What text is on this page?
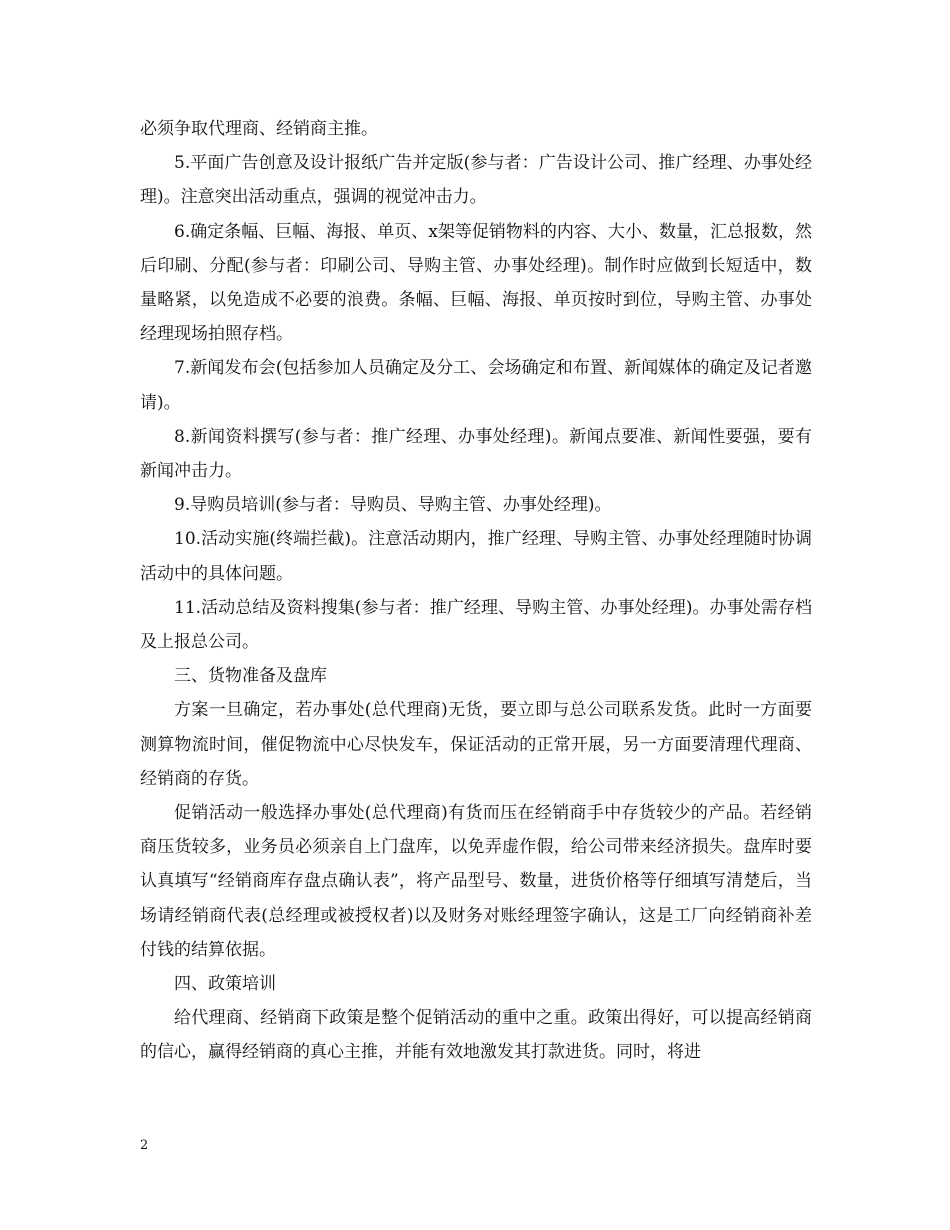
必须争取代理商、经销商主推。

5.平面广告创意及设计报纸广告并定版(参与者：广告设计公司、推广经理、办事处经理)。注意突出活动重点，强调的视觉冲击力。

6.确定条幅、巨幅、海报、单页、x架等促销物料的内容、大小、数量，汇总报数，然后印刷、分配(参与者：印刷公司、导购主管、办事处经理)。制作时应做到长短适中，数量略紧，以免造成不必要的浪费。条幅、巨幅、海报、单页按时到位，导购主管、办事处经理现场拍照存档。

7.新闻发布会(包括参加人员确定及分工、会场确定和布置、新闻媒体的确定及记者邀请)。

8.新闻资料撰写(参与者：推广经理、办事处经理)。新闻点要准、新闻性要强，要有新闻冲击力。

9.导购员培训(参与者：导购员、导购主管、办事处经理)。

10.活动实施(终端拦截)。注意活动期内，推广经理、导购主管、办事处经理随时协调活动中的具体问题。

11.活动总结及资料搜集(参与者：推广经理、导购主管、办事处经理)。办事处需存档及上报总公司。

三、货物准备及盘库

方案一旦确定，若办事处(总代理商)无货，要立即与总公司联系发货。此时一方面要测算物流时间，催促物流中心尽快发车，保证活动的正常开展，另一方面要清理代理商、经销商的存货。

促销活动一般选择办事处(总代理商)有货而压在经销商手中存货较少的产品。若经销商压货较多，业务员必须亲自上门盘库，以免弄虚作假，给公司带来经济损失。盘库时要认真填写“经销商库存盘点确认表”，将产品型号、数量，进货价格等仔细填写清楚后，当场请经销商代表(总经理或被授权者)以及财务对账经理签字确认，这是工厂向经销商补差付钱的结算依据。

四、政策培训

给代理商、经销商下政策是整个促销活动的重中之重。政策出得好，可以提高经销商的信心，赢得经销商的真心主推，并能有效地激发其打款进货。同时，将进

2
